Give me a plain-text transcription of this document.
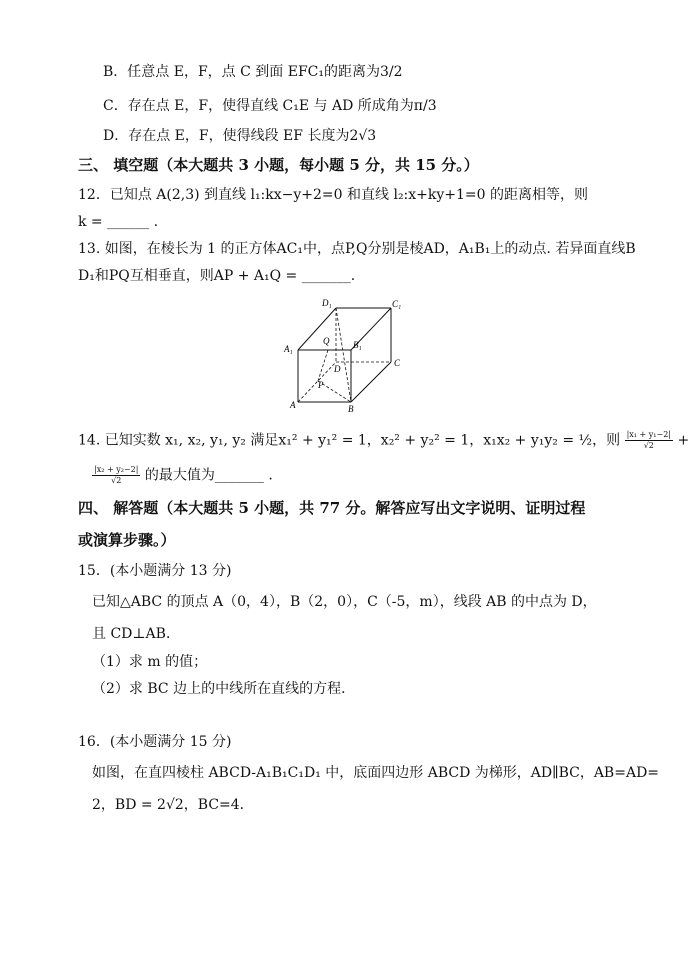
B．任意点 E，F，点 C 到面 EFC₁的距离为3/2
C．存在点 E，F，使得直线 C₁E 与 AD 所成角为π/3
D．存在点 E，F，使得线段 EF 长度为2√3
三、 填空题（本大题共 3 小题，每小题 5 分，共 15 分。）
12．已知点 A(2,3) 到直线 l₁:kx−y+2=0 和直线 l₂:x+ky+1=0 的距离相等，则
k = ______ .
13. 如图，在棱长为 1 的正方体AC₁中，点P,Q分别是棱AD，A₁B₁上的动点. 若异面直线B
D₁和PQ互相垂直，则AP + A₁Q = _______.
A	B
C
D
A₁	B₁
C₁
D₁
P
Q
14. 已知实数 x₁, x₂, y₁, y₂ 满足x₁² + y₁² = 1，x₂² + y₂² = 1，x₁x₂ + y₁y₂ = ½，则 $\frac{\text{|x₁ + y₁−2|}}{√2}$ +
$\frac{\text{|x₂ + y₂−2|}}{√2}$ 的最大值为_______ .
四、 解答题（本大题共 5 小题，共 77 分。解答应写出文字说明、证明过程
或演算步骤。）
15．(本小题满分 13 分)
已知△ABC 的顶点 A（0，4），B（2，0），C（-5，m），线段 AB 的中点为 D，
且 CD⊥AB．
（1）求 m 的值；
（2）求 BC 边上的中线所在直线的方程．
16．(本小题满分 15 分)
如图，在直四棱柱 ABCD-A₁B₁C₁D₁ 中，底面四边形 ABCD 为梯形，AD∥BC，AB=AD=
2，BD = 2√2，BC=4．
